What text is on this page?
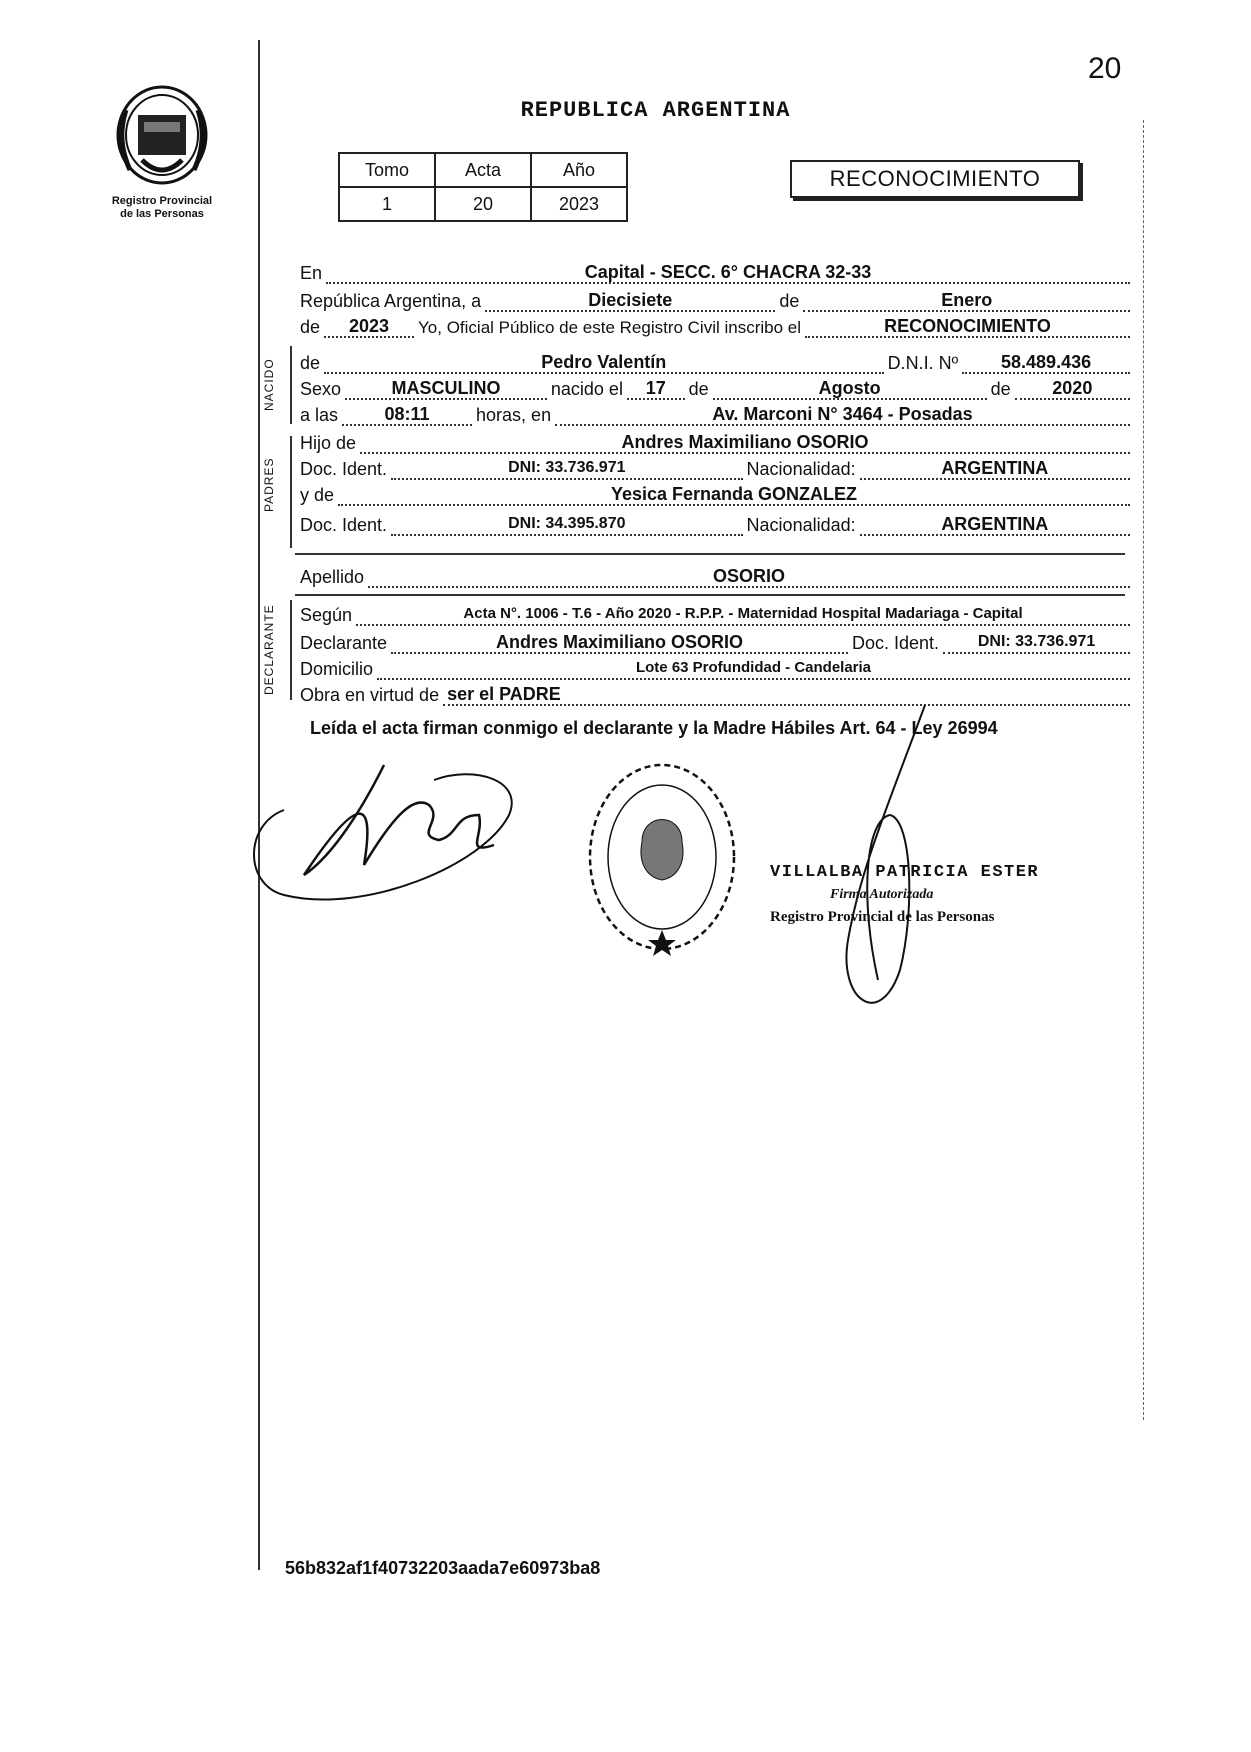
20
REPUBLICA ARGENTINA
Registro Provincial
de las Personas
Tomo	Acta	Año
1	20	2023
RECONOCIMIENTO
En	Capital - SECC. 6° CHACRA 32-33
República Argentina, a	Diecisiete	de	Enero
de	2023	Yo, Oficial Público de este Registro Civil inscribo el	RECONOCIMIENTO
NACIDO	de	Pedro Valentín	D.N.I. Nº	58.489.436
Sexo	MASCULINO	nacido el	17	de	Agosto	de	2020
a las	08:11	horas, en	Av. Marconi N° 3464 - Posadas
PADRES
Hijo de	Andres Maximiliano OSORIO
Doc. Ident.	DNI: 33.736.971	Nacionalidad:	ARGENTINA
y de	Yesica Fernanda GONZALEZ
Doc. Ident.	DNI: 34.395.870	Nacionalidad:	ARGENTINA
Apellido	OSORIO
DECLARANTE	Según	Acta N°. 1006 - T.6 - Año 2020 - R.P.P. - Maternidad Hospital Madariaga - Capital
Declarante	Andres Maximiliano OSORIO	Doc. Ident.	DNI: 33.736.971
Domicilio	Lote 63 Profundidad - Candelaria
Obra en virtud de ser el PADRE
Leída el acta firman conmigo el declarante y la Madre Hábiles Art. 64 - Ley 26994
VILLALBA PATRICIA ESTER
Firma Autorizada
Registro Provincial de las Personas
56b832af1f40732203aada7e60973ba8
